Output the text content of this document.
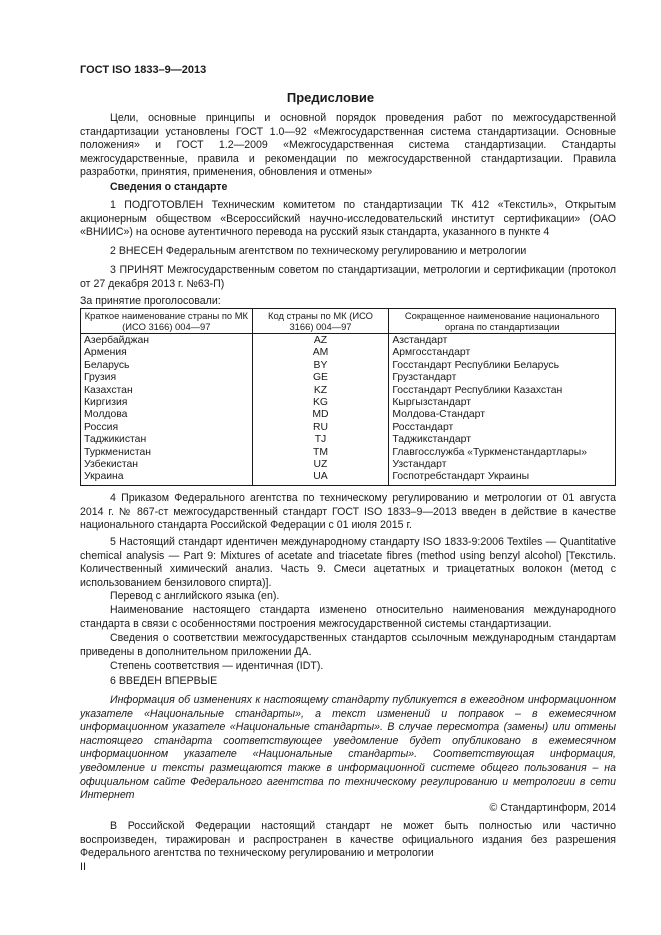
ГОСТ ISO 1833–9—2013
Предисловие

Цели, основные принципы и основной порядок проведения работ по межгосударственной стандартизации установлены ГОСТ 1.0—92 «Межгосударственная система стандартизации. Основные положения» и ГОСТ 1.2—2009 «Межгосударственная система стандартизации. Стандарты межгосударственные, правила и рекомендации по межгосударственной стандартизации. Правила разработки, принятия, применения, обновления и отмены»

Сведения о стандарте

1 ПОДГОТОВЛЕН Техническим комитетом по стандартизации ТК 412 «Текстиль», Открытым акционерным обществом «Всероссийский научно-исследовательский институт сертификации» (ОАО «ВНИИС») на основе аутентичного перевода на русский язык стандарта, указанного в пункте 4

2 ВНЕСЕН Федеральным агентством по техническому регулированию и метрологии

3 ПРИНЯТ Межгосударственным советом по стандартизации, метрологии и сертификации (протокол от 27 декабря 2013 г. №63-П)

За принятие проголосовали:

Краткое наименование страны по МК (ИСО 3166) 004—97	Код страны по МК (ИСО 3166) 004—97	Сокращенное наименование национального органа по стандартизации
Азербайджан	AZ	Азстандарт
Армения	AM	Армгосстандарт
Беларусь	BY	Госстандарт Республики Беларусь
Грузия	GE	Грузстандарт
Казахстан	KZ	Госстандарт Республики Казахстан
Киргизия	KG	Кыргызстандарт
Молдова	MD	Молдова-Стандарт
Россия	RU	Росстандарт
Таджикистан	TJ	Таджикстандарт
Туркменистан	TM	Главгосслужба «Туркменстандартлары»
Узбекистан	UZ	Узстандарт
Украина	UA	Госпотребстандарт Украины

4 Приказом Федерального агентства по техническому регулированию и метрологии от 01 августа 2014 г. № 867-ст межгосударственный стандарт ГОСТ ISO 1833–9—2013 введен в действие в качестве национального стандарта Российской Федерации с 01 июля 2015 г.

5 Настоящий стандарт идентичен международному стандарту ISO 1833-9:2006 Textiles — Quantitative chemical analysis — Part 9: Mixtures of acetate and triacetate fibres (method using benzyl alcohol) [Текстиль. Количественный химический анализ. Часть 9. Смеси ацетатных и триацетатных волокон (метод с использованием бензилового спирта)].

Перевод с английского языка (en).

Наименование настоящего стандарта изменено относительно наименования международного стандарта в связи с особенностями построения межгосударственной системы стандартизации.

Сведения о соответствии межгосударственных стандартов ссылочным международным стандартам приведены в дополнительном приложении ДА.

Степень соответствия — идентичная (IDT).

6 ВВЕДЕН ВПЕРВЫЕ

Информация об изменениях к настоящему стандарту публикуется в ежегодном информационном указателе «Национальные стандарты», а текст изменений и поправок – в ежемесячном информационном указателе «Национальные стандарты». В случае пересмотра (замены) или отмены настоящего стандарта соответствующее уведомление будет опубликовано в ежемесячном информационном указателе «Национальные стандарты». Соответствующая информация, уведомление и тексты размещаются также в информационной системе общего пользования – на официальном сайте Федерального агентства по техническому регулированию и метрологии в сети Интернет

© Стандартинформ, 2014

В Российской Федерации настоящий стандарт не может быть полностью или частично воспроизведен, тиражирован и распространен в качестве официального издания без разрешения Федерального агентства по техническому регулированию и метрологии

II
